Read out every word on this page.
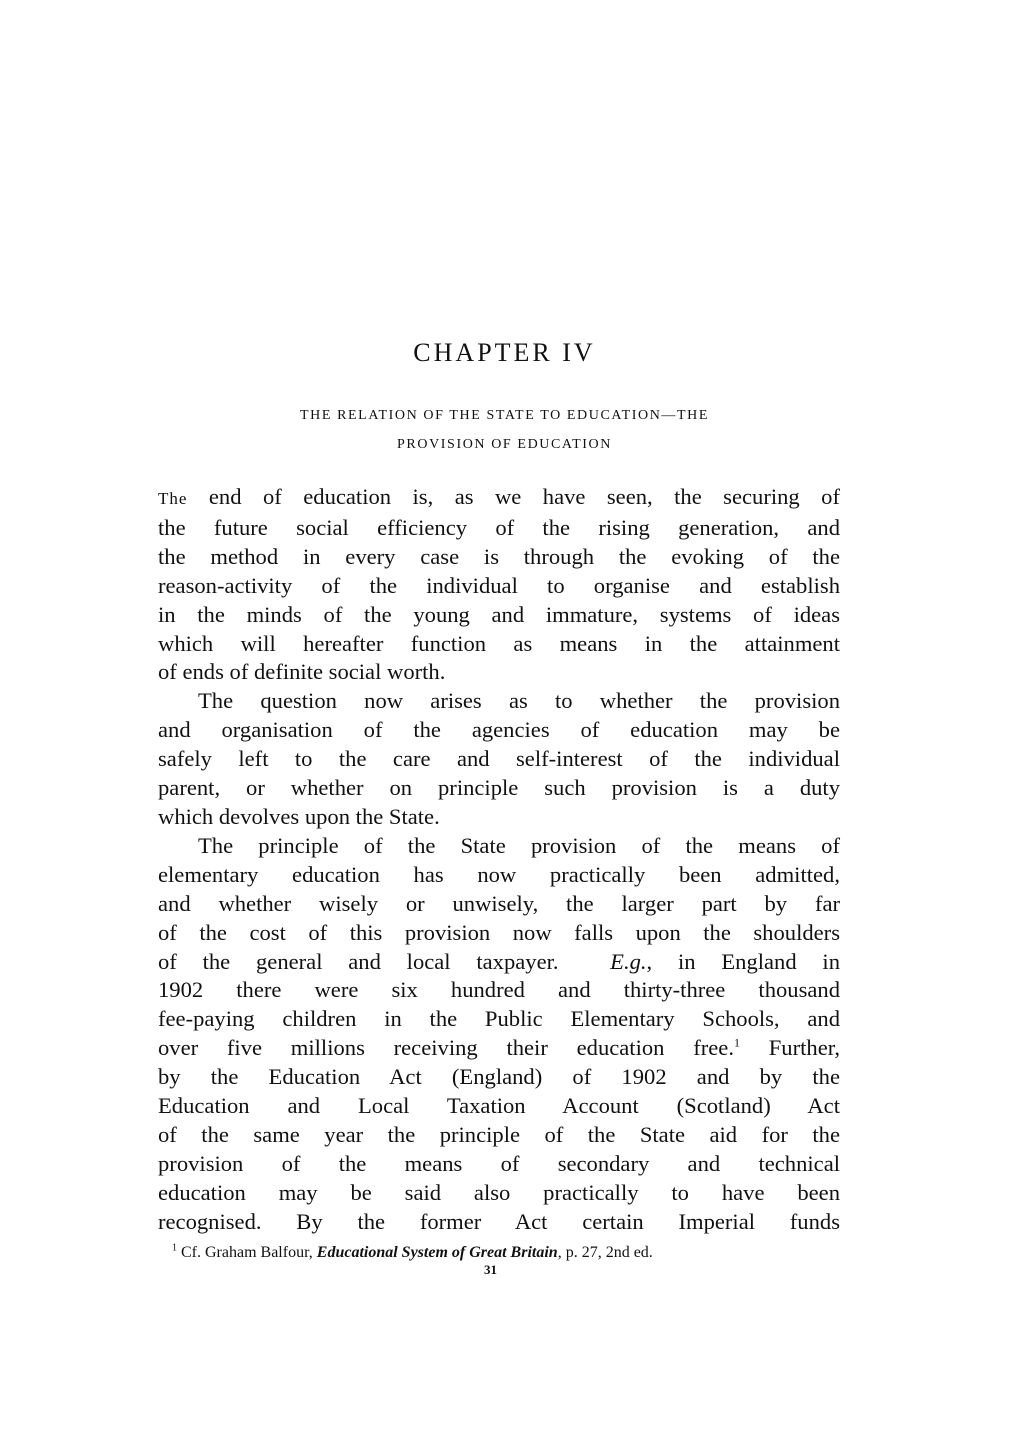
CHAPTER IV
THE RELATION OF THE STATE TO EDUCATION—THE
PROVISION OF EDUCATION
The end of education is, as we have seen, the securing of
the future social efficiency of the rising generation, and
the method in every case is through the evoking of the
reason-activity of the individual to organise and establish
in the minds of the young and immature, systems of ideas
which will hereafter function as means in the attainment
of ends of definite social worth.
The question now arises as to whether the provision
and organisation of the agencies of education may be
safely left to the care and self-interest of the individual
parent, or whether on principle such provision is a duty
which devolves upon the State.
The principle of the State provision of the means of
elementary education has now practically been admitted,
and whether wisely or unwisely, the larger part by far
of the cost of this provision now falls upon the shoulders
of the general and local taxpayer. E.g., in England in
1902 there were six hundred and thirty-three thousand
fee-paying children in the Public Elementary Schools, and
over five millions receiving their education free.$^1$ Further,
by the Education Act (England) of 1902 and by the
Education and Local Taxation Account (Scotland) Act
of the same year the principle of the State aid for the
provision of the means of secondary and technical
education may be said also practically to have been
recognised. By the former Act certain Imperial funds

$^1$ Cf. Graham Balfour, Educational System of Great Britain, p. 27, 2nd ed.

31
